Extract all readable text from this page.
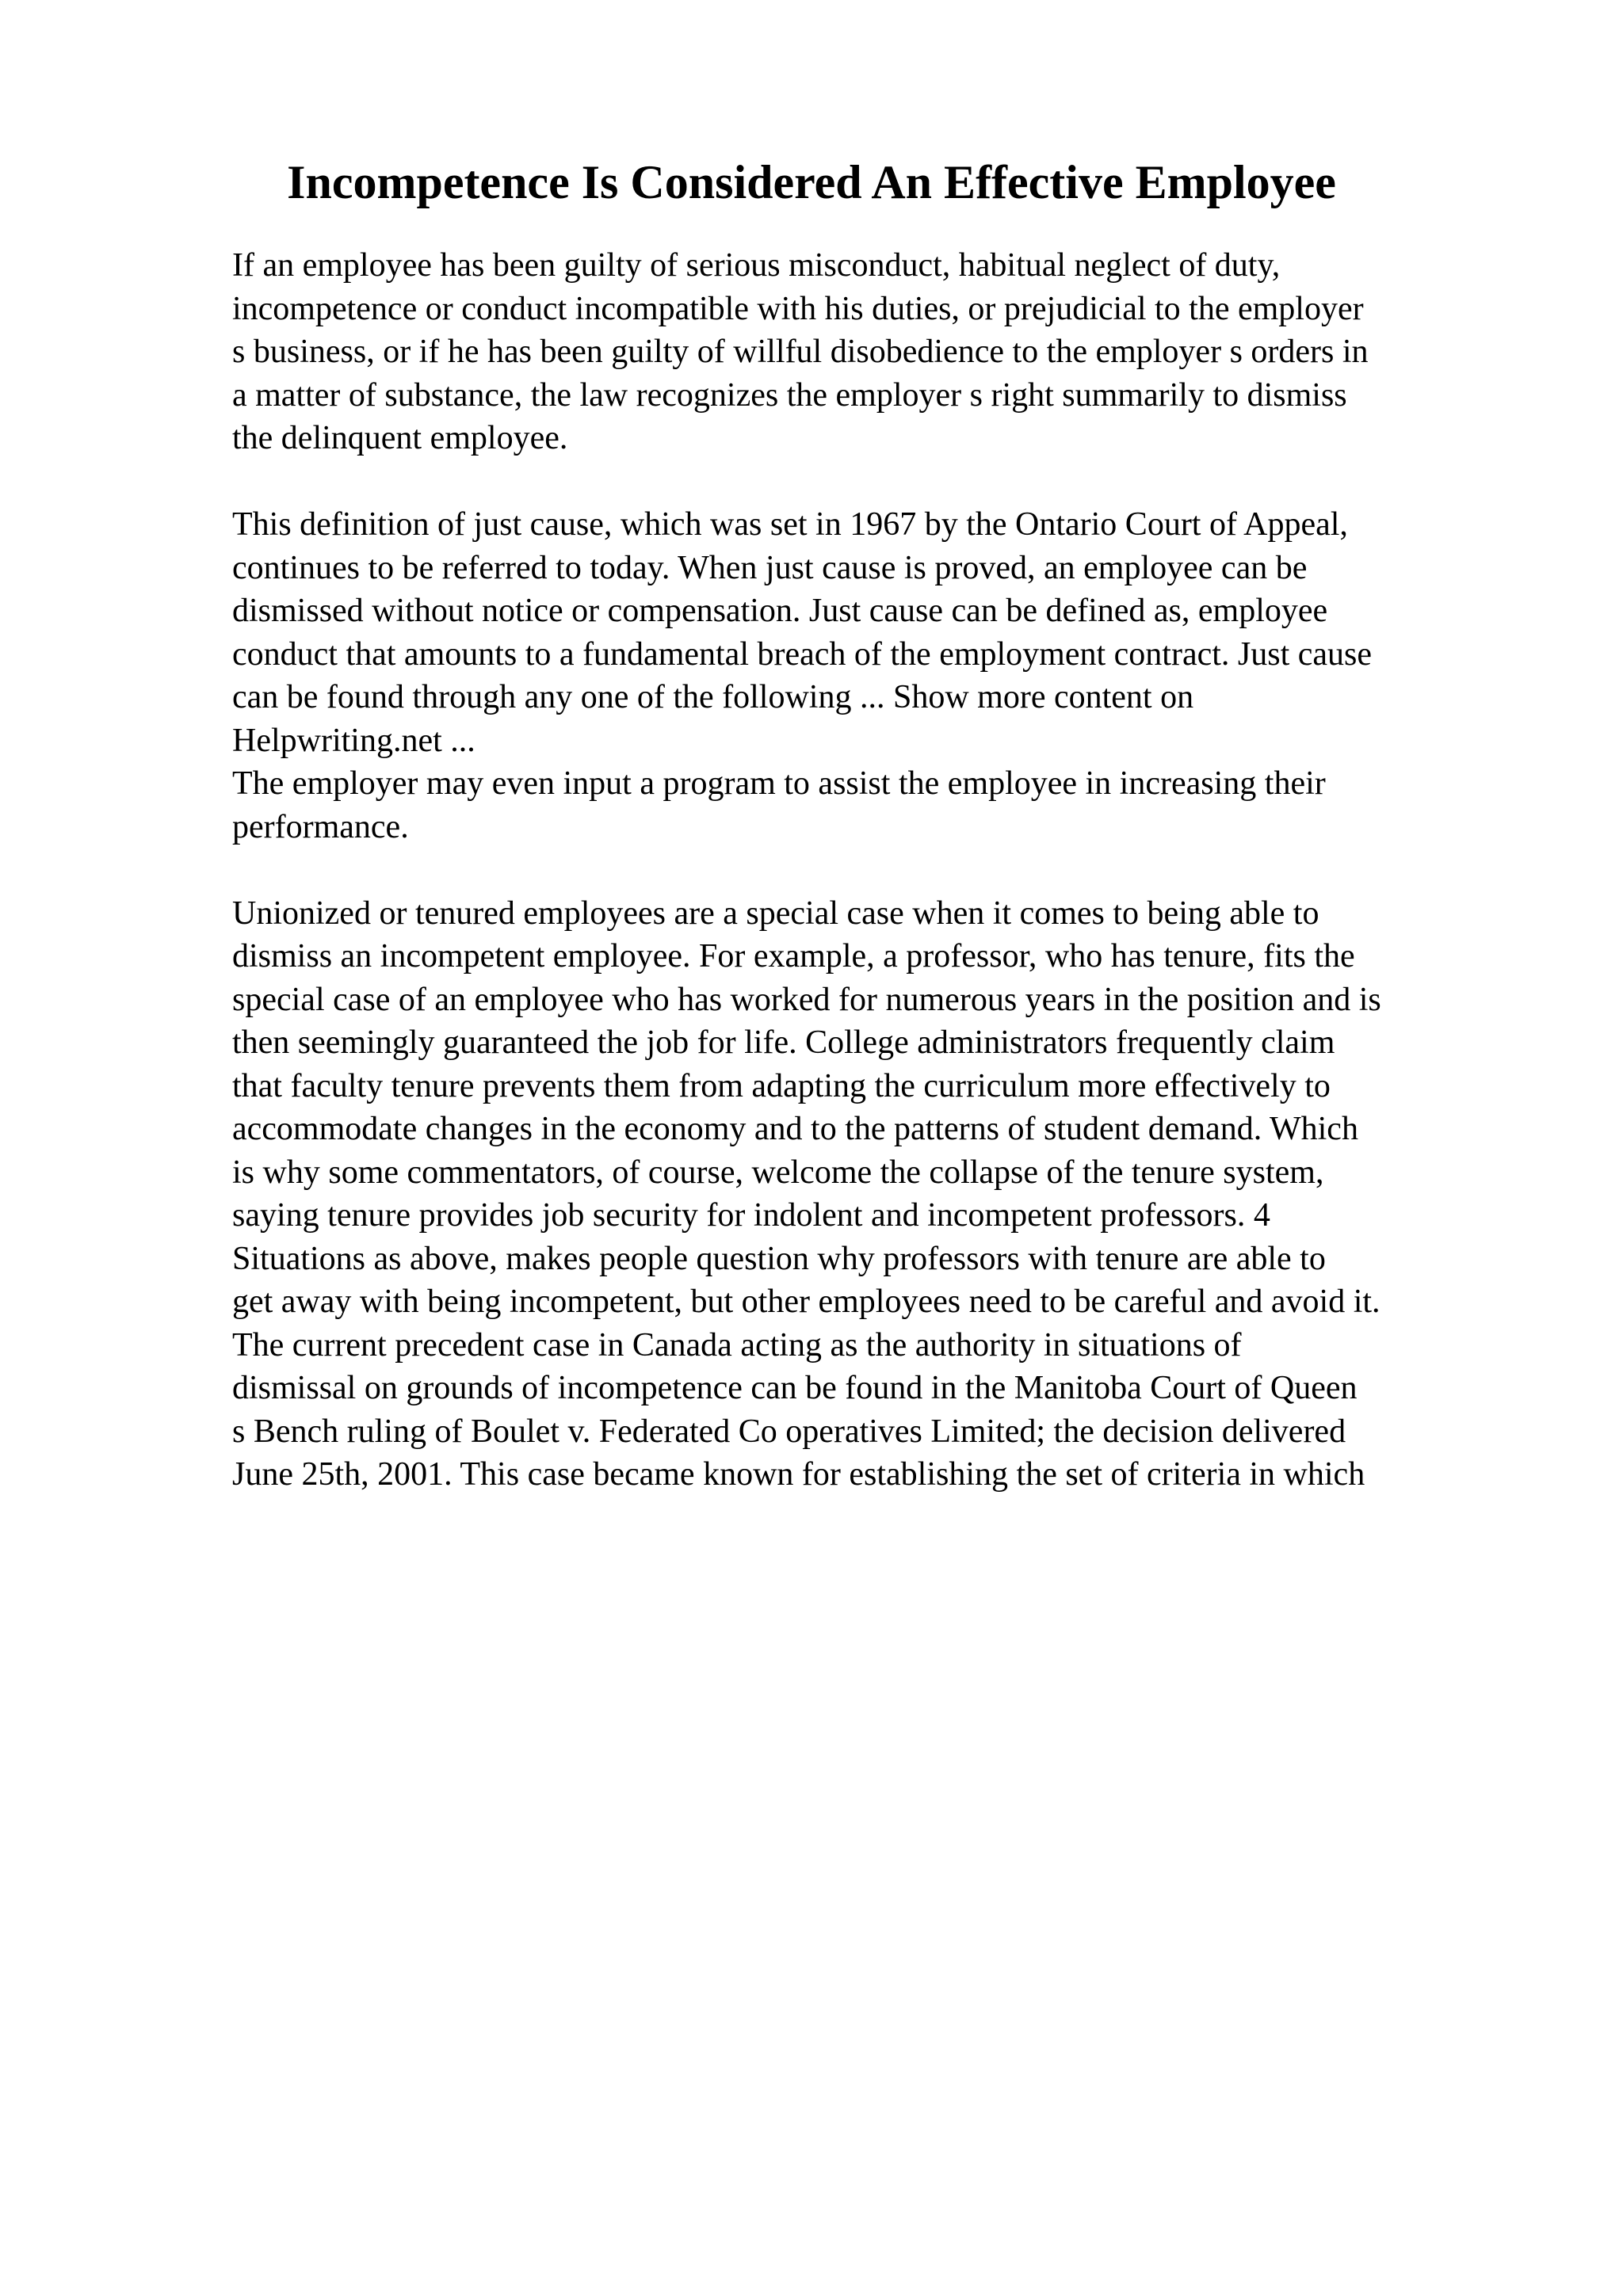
Incompetence Is Considered An Effective Employee
If an employee has been guilty of serious misconduct, habitual neglect of duty,
incompetence or conduct incompatible with his duties, or prejudicial to the employer
s business, or if he has been guilty of willful disobedience to the employer s orders in
a matter of substance, the law recognizes the employer s right summarily to dismiss
the delinquent employee.
This definition of just cause, which was set in 1967 by the Ontario Court of Appeal,
continues to be referred to today. When just cause is proved, an employee can be
dismissed without notice or compensation. Just cause can be defined as, employee
conduct that amounts to a fundamental breach of the employment contract. Just cause
can be found through any one of the following ... Show more content on
Helpwriting.net ...
The employer may even input a program to assist the employee in increasing their
performance.
Unionized or tenured employees are a special case when it comes to being able to
dismiss an incompetent employee. For example, a professor, who has tenure, fits the
special case of an employee who has worked for numerous years in the position and is
then seemingly guaranteed the job for life. College administrators frequently claim
that faculty tenure prevents them from adapting the curriculum more effectively to
accommodate changes in the economy and to the patterns of student demand. Which
is why some commentators, of course, welcome the collapse of the tenure system,
saying tenure provides job security for indolent and incompetent professors. 4
Situations as above, makes people question why professors with tenure are able to
get away with being incompetent, but other employees need to be careful and avoid it.
The current precedent case in Canada acting as the authority in situations of
dismissal on grounds of incompetence can be found in the Manitoba Court of Queen
s Bench ruling of Boulet v. Federated Co operatives Limited; the decision delivered
June 25th, 2001. This case became known for establishing the set of criteria in which
